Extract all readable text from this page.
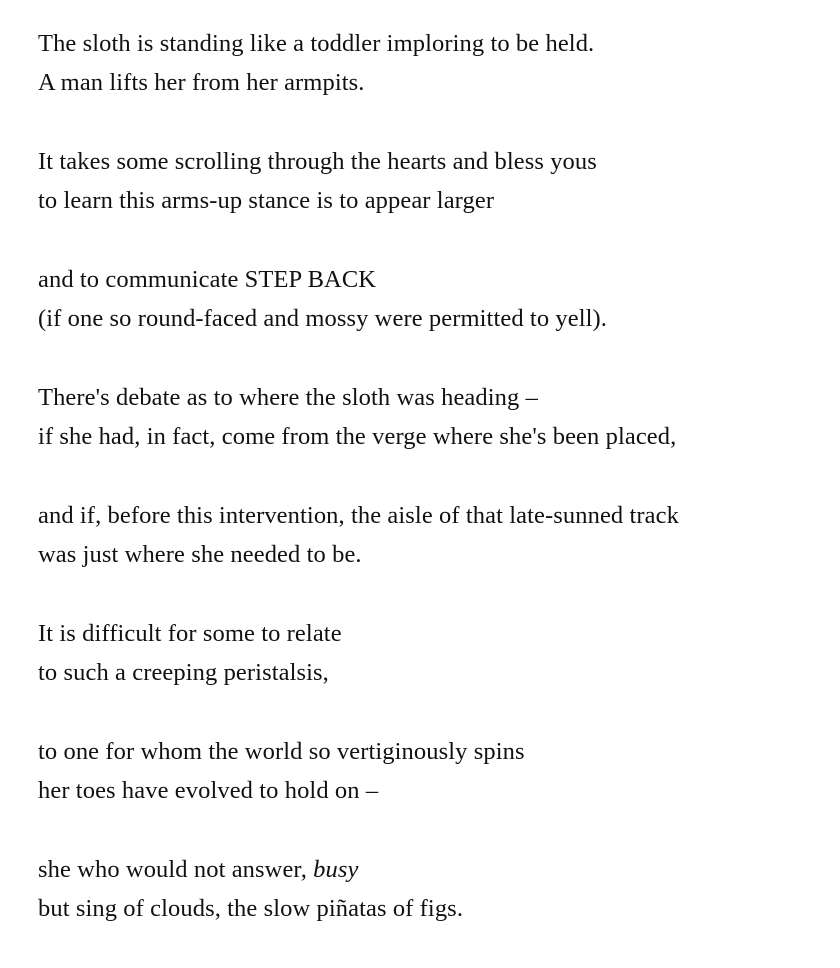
The sloth is standing like a toddler imploring to be held.
A man lifts her from her armpits.
It takes some scrolling through the hearts and bless yous
to learn this arms-up stance is to appear larger
and to communicate STEP BACK
(if one so round-faced and mossy were permitted to yell).
There's debate as to where the sloth was heading –
if she had, in fact, come from the verge where she's been placed,
and if, before this intervention, the aisle of that late-sunned track
was just where she needed to be.
It is difficult for some to relate
to such a creeping peristalsis,
to one for whom the world so vertiginously spins
her toes have evolved to hold on –
she who would not answer, busy
but sing of clouds, the slow piñatas of figs.
